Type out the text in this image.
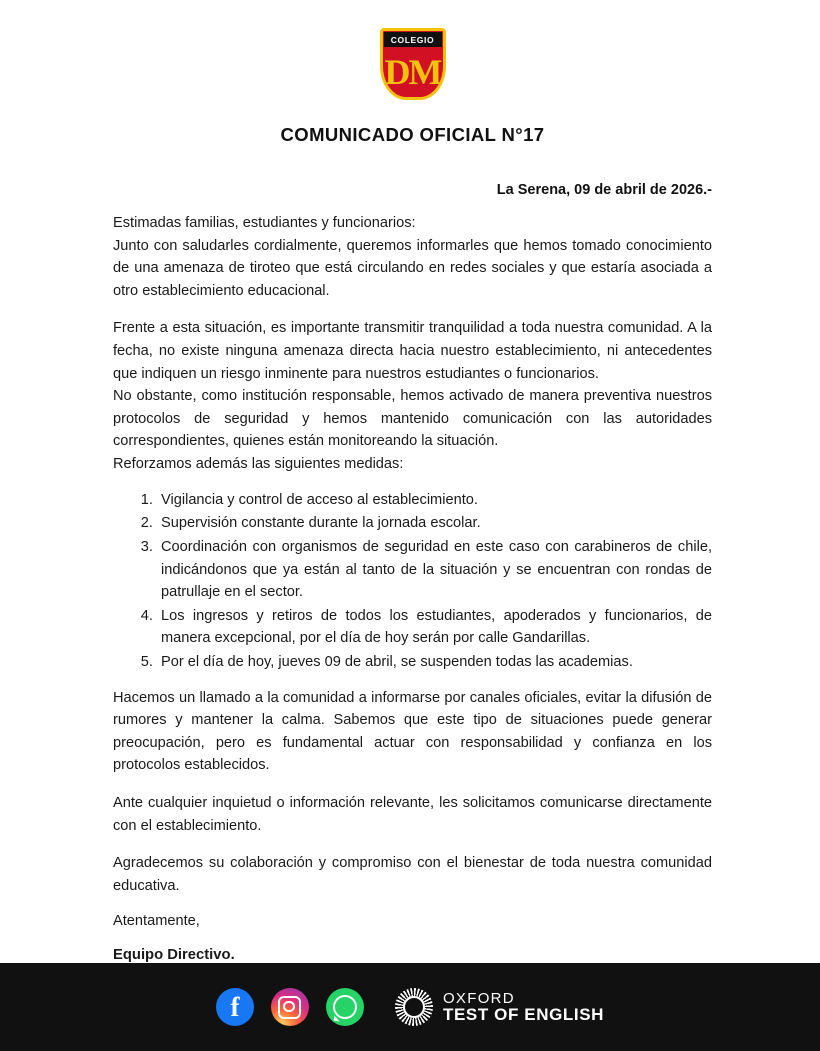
COLEGIO
DM
COMUNICADO OFICIAL N°17
La Serena, 09 de abril de 2026.-
Estimadas familias, estudiantes y funcionarios:

Junto con saludarles cordialmente, queremos informarles que hemos tomado conocimiento de una amenaza de tiroteo que está circulando en redes sociales y que estaría asociada a otro establecimiento educacional.

Frente a esta situación, es importante transmitir tranquilidad a toda nuestra comunidad. A la fecha, no existe ninguna amenaza directa hacia nuestro establecimiento, ni antecedentes que indiquen un riesgo inminente para nuestros estudiantes o funcionarios.

No obstante, como institución responsable, hemos activado de manera preventiva nuestros protocolos de seguridad y hemos mantenido comunicación con las autoridades correspondientes, quienes están monitoreando la situación.

Reforzamos además las siguientes medidas:

1. Vigilancia y control de acceso al establecimiento.
2. Supervisión constante durante la jornada escolar.
3. Coordinación con organismos de seguridad en este caso con carabineros de chile, indicándonos que ya están al tanto de la situación y se encuentran con rondas de patrullaje en el sector.
4. Los ingresos y retiros de todos los estudiantes, apoderados y funcionarios, de manera excepcional, por el día de hoy serán por calle Gandarillas.
5. Por el día de hoy, jueves 09 de abril, se suspenden todas las academias.

Hacemos un llamado a la comunidad a informarse por canales oficiales, evitar la difusión de rumores y mantener la calma. Sabemos que este tipo de situaciones puede generar preocupación, pero es fundamental actuar con responsabilidad y confianza en los protocolos establecidos.

Ante cualquier inquietud o información relevante, les solicitamos comunicarse directamente con el establecimiento.

Agradecemos su colaboración y compromiso con el bienestar de toda nuestra comunidad educativa.

Atentamente,
Equipo Directivo.
f	OXFORD
TEST OF ENGLISH
